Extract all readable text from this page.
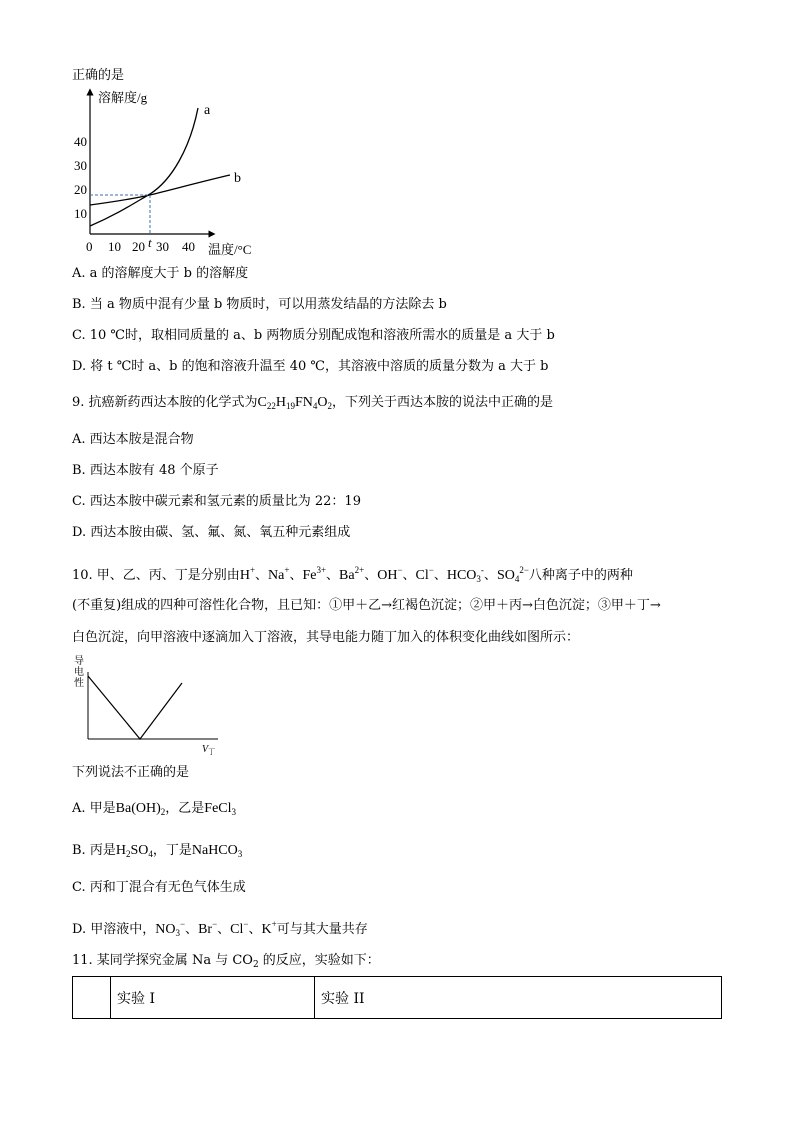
正确的是
溶解度/g
温度/°C
10
20
30
40
0 10 20 t 30 40
a
b
A. a 的溶解度大于 b 的溶解度
B. 当 a 物质中混有少量 b 物质时，可以用蒸发结晶的方法除去 b
C. 10 ℃时，取相同质量的 a、b 两物质分别配成饱和溶液所需水的质量是 a 大于 b
D. 将 t ℃时 a、b 的饱和溶液升温至 40 ℃，其溶液中溶质的质量分数为 a 大于 b
9. 抗癌新药西达本胺的化学式为$C_{22}H_{19}FN_4O_2$，下列关于西达本胺的说法中正确的是
A. 西达本胺是混合物
B. 西达本胺有 48 个原子
C. 西达本胺中碳元素和氢元素的质量比为 22：19
D. 西达本胺由碳、氢、氟、氮、氧五种元素组成
10. 甲、乙、丙、丁是分别由H+、Na+、$Fe^{3+}$、$Ba^{2+}$、OH−、Cl−、$HCO_3^-$、$SO_4^{2-}$八种离子中的两种
(不重复)组成的四种可溶性化合物，且已知：①甲＋乙→红褐色沉淀；②甲＋丙→白色沉淀；③甲＋丁→
白色沉淀，向甲溶液中逐滴加入丁溶液，其导电能力随丁加入的体积变化曲线如图所示：
导
电
性
$V_丁$
下列说法不正确的是
A. 甲是$Ba(OH)_2$，乙是FeCl$_3$
B. 丙是$H_2SO_4$，丁是NaHCO$_3$
C. 丙和丁混合有无色气体生成
D. 甲溶液中，$NO_3^-$、Br−、Cl−、K+可与其大量共存
11. 某同学探究金属 Na 与 $CO_2$ 的反应，实验如下：
	实验 I	实验 II
